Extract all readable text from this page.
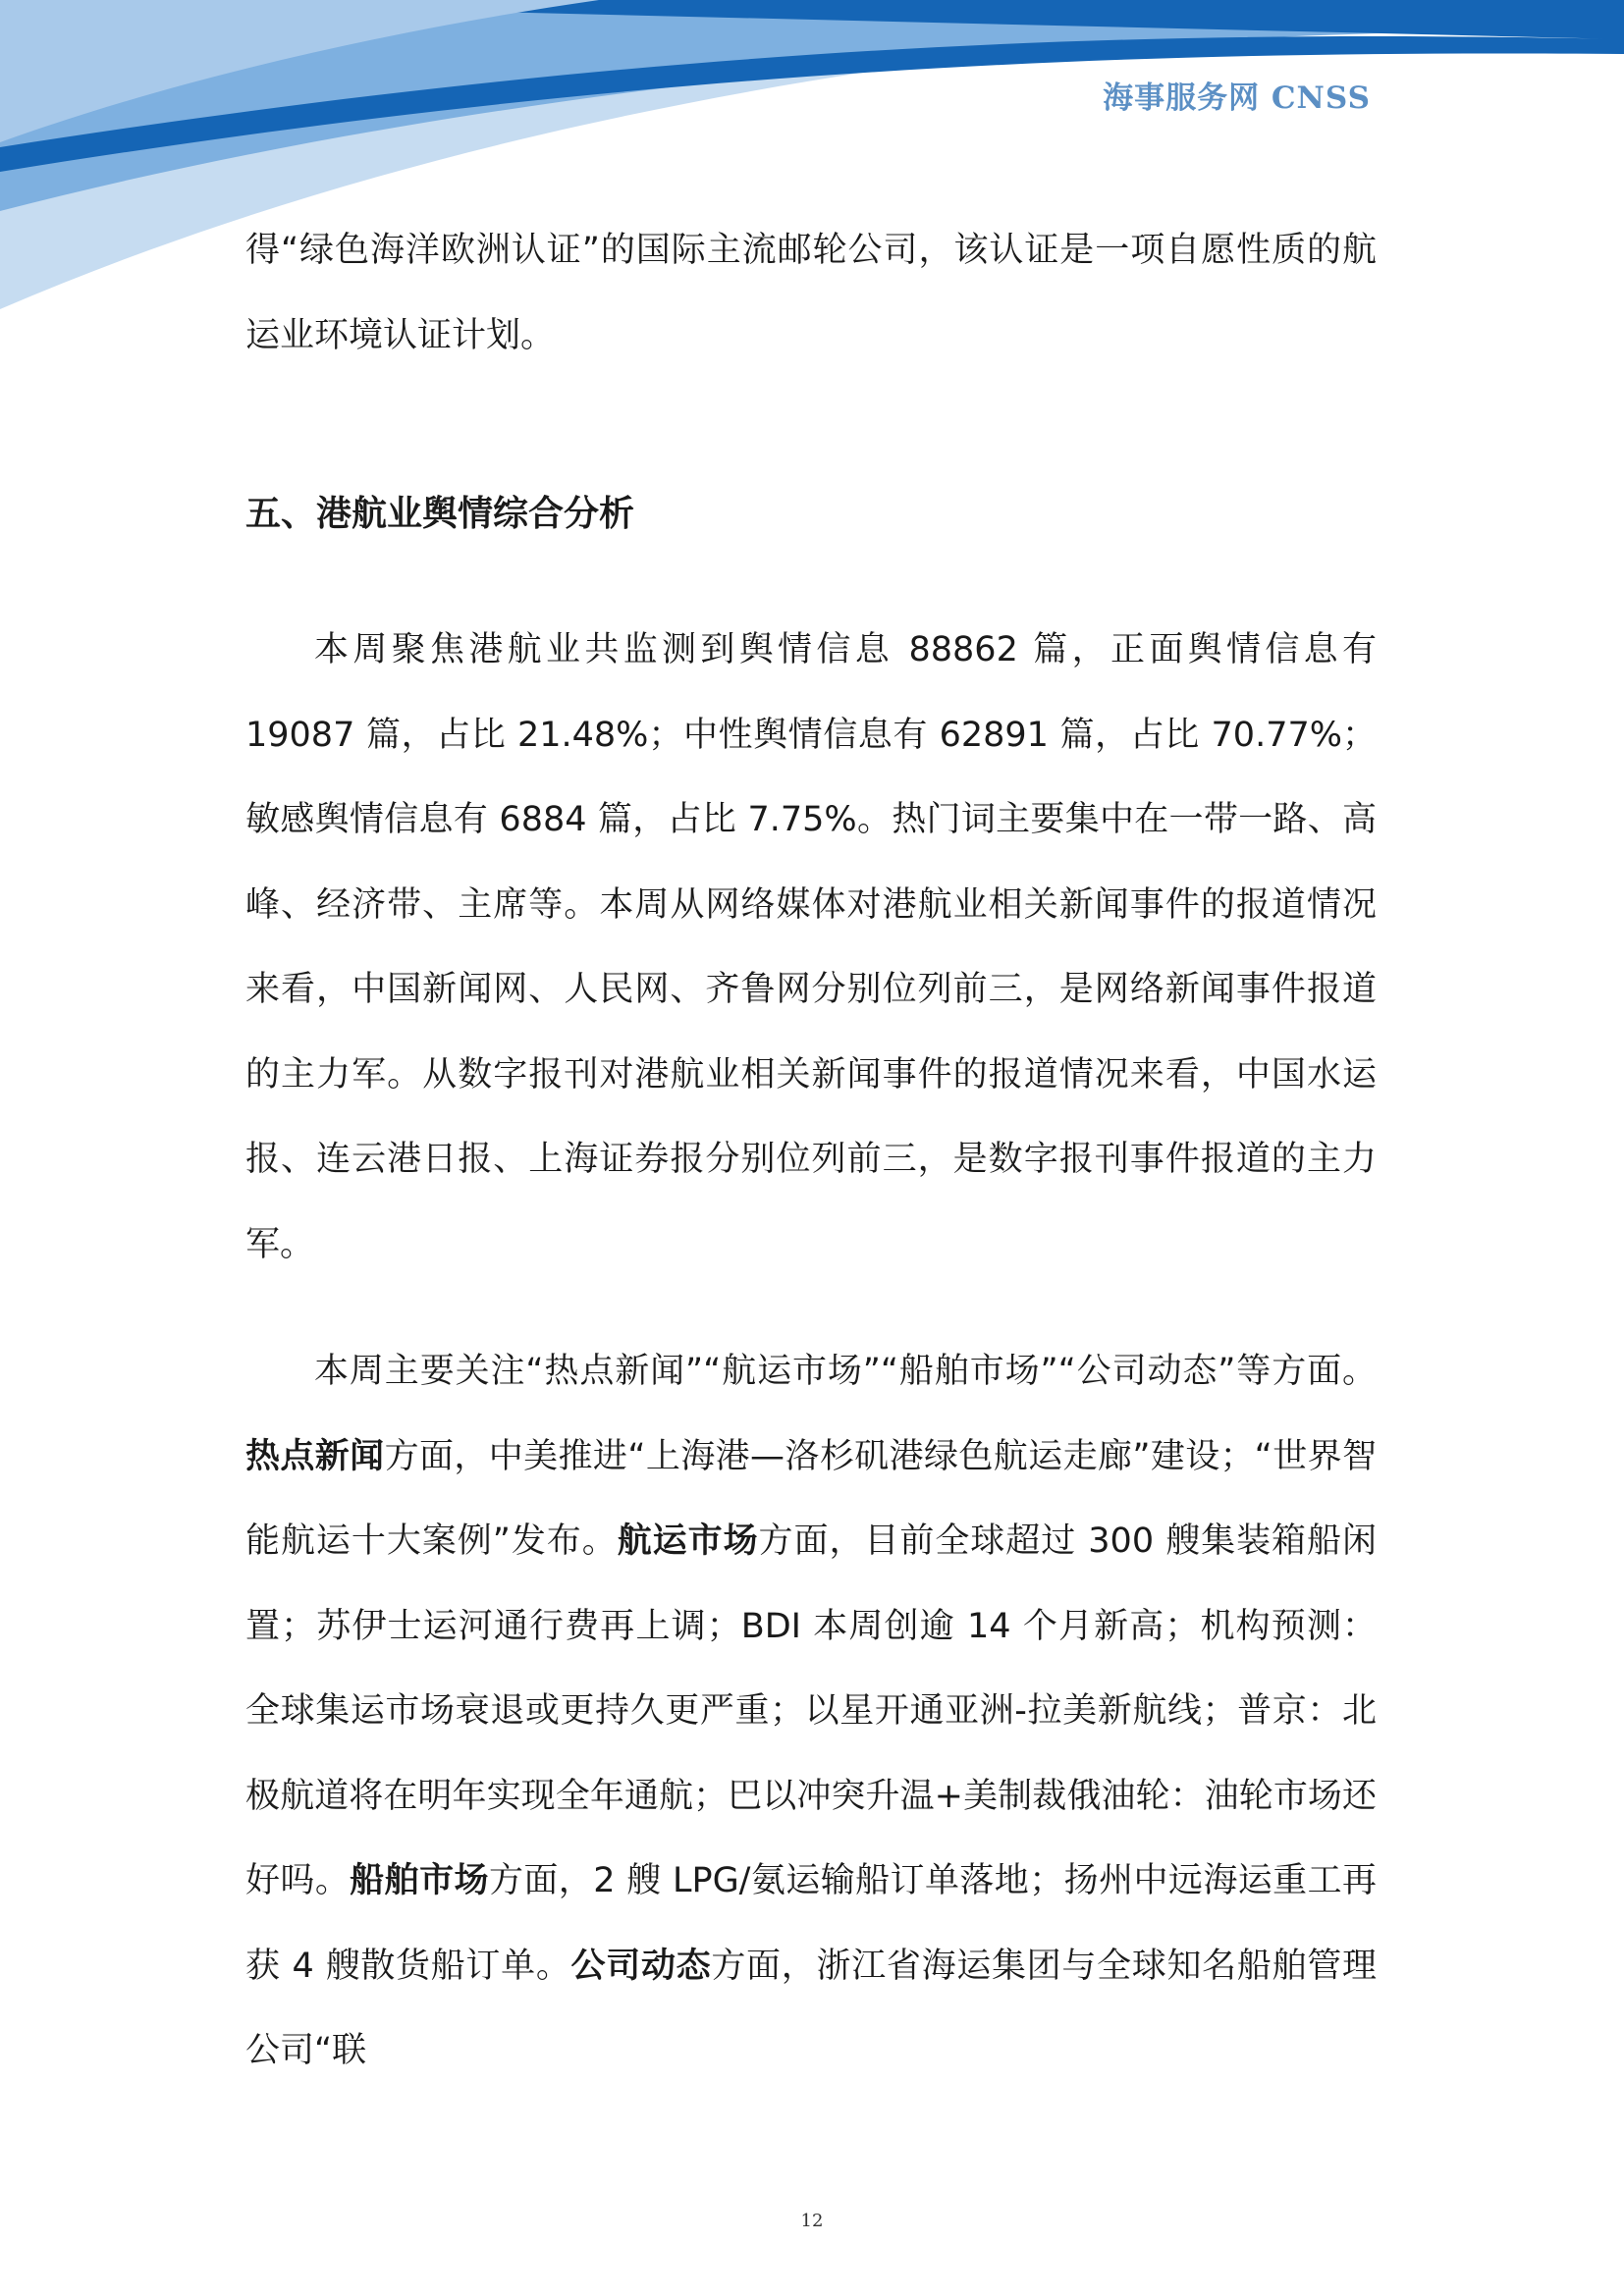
海事服务网 CNSS

得“绿色海洋欧洲认证”的国际主流邮轮公司，该认证是一项自愿性质的航运业环境认证计划。

五、港航业舆情综合分析

本周聚焦港航业共监测到舆情信息 88862 篇，正面舆情信息有 19087 篇，占比 21.48%；中性舆情信息有 62891 篇，占比 70.77%；敏感舆情信息有 6884 篇，占比 7.75%。热门词主要集中在一带一路、高峰、经济带、主席等。本周从网络媒体对港航业相关新闻事件的报道情况来看，中国新闻网、人民网、齐鲁网分别位列前三，是网络新闻事件报道的主力军。从数字报刊对港航业相关新闻事件的报道情况来看，中国水运报、连云港日报、上海证券报分别位列前三，是数字报刊事件报道的主力军。

本周主要关注“热点新闻”“航运市场”“船舶市场”“公司动态”等方面。热点新闻方面，中美推进“上海港—洛杉矶港绿色航运走廊”建设；“世界智能航运十大案例”发布。航运市场方面，目前全球超过 300 艘集装箱船闲置；苏伊士运河通行费再上调；BDI 本周创逾 14 个月新高；机构预测：全球集运市场衰退或更持久更严重；以星开通亚洲-拉美新航线；普京：北极航道将在明年实现全年通航；巴以冲突升温+美制裁俄油轮：油轮市场还好吗。船舶市场方面，2 艘 LPG/氨运输船订单落地；扬州中远海运重工再获 4 艘散货船订单。公司动态方面，浙江省海运集团与全球知名船舶管理公司“联

12
